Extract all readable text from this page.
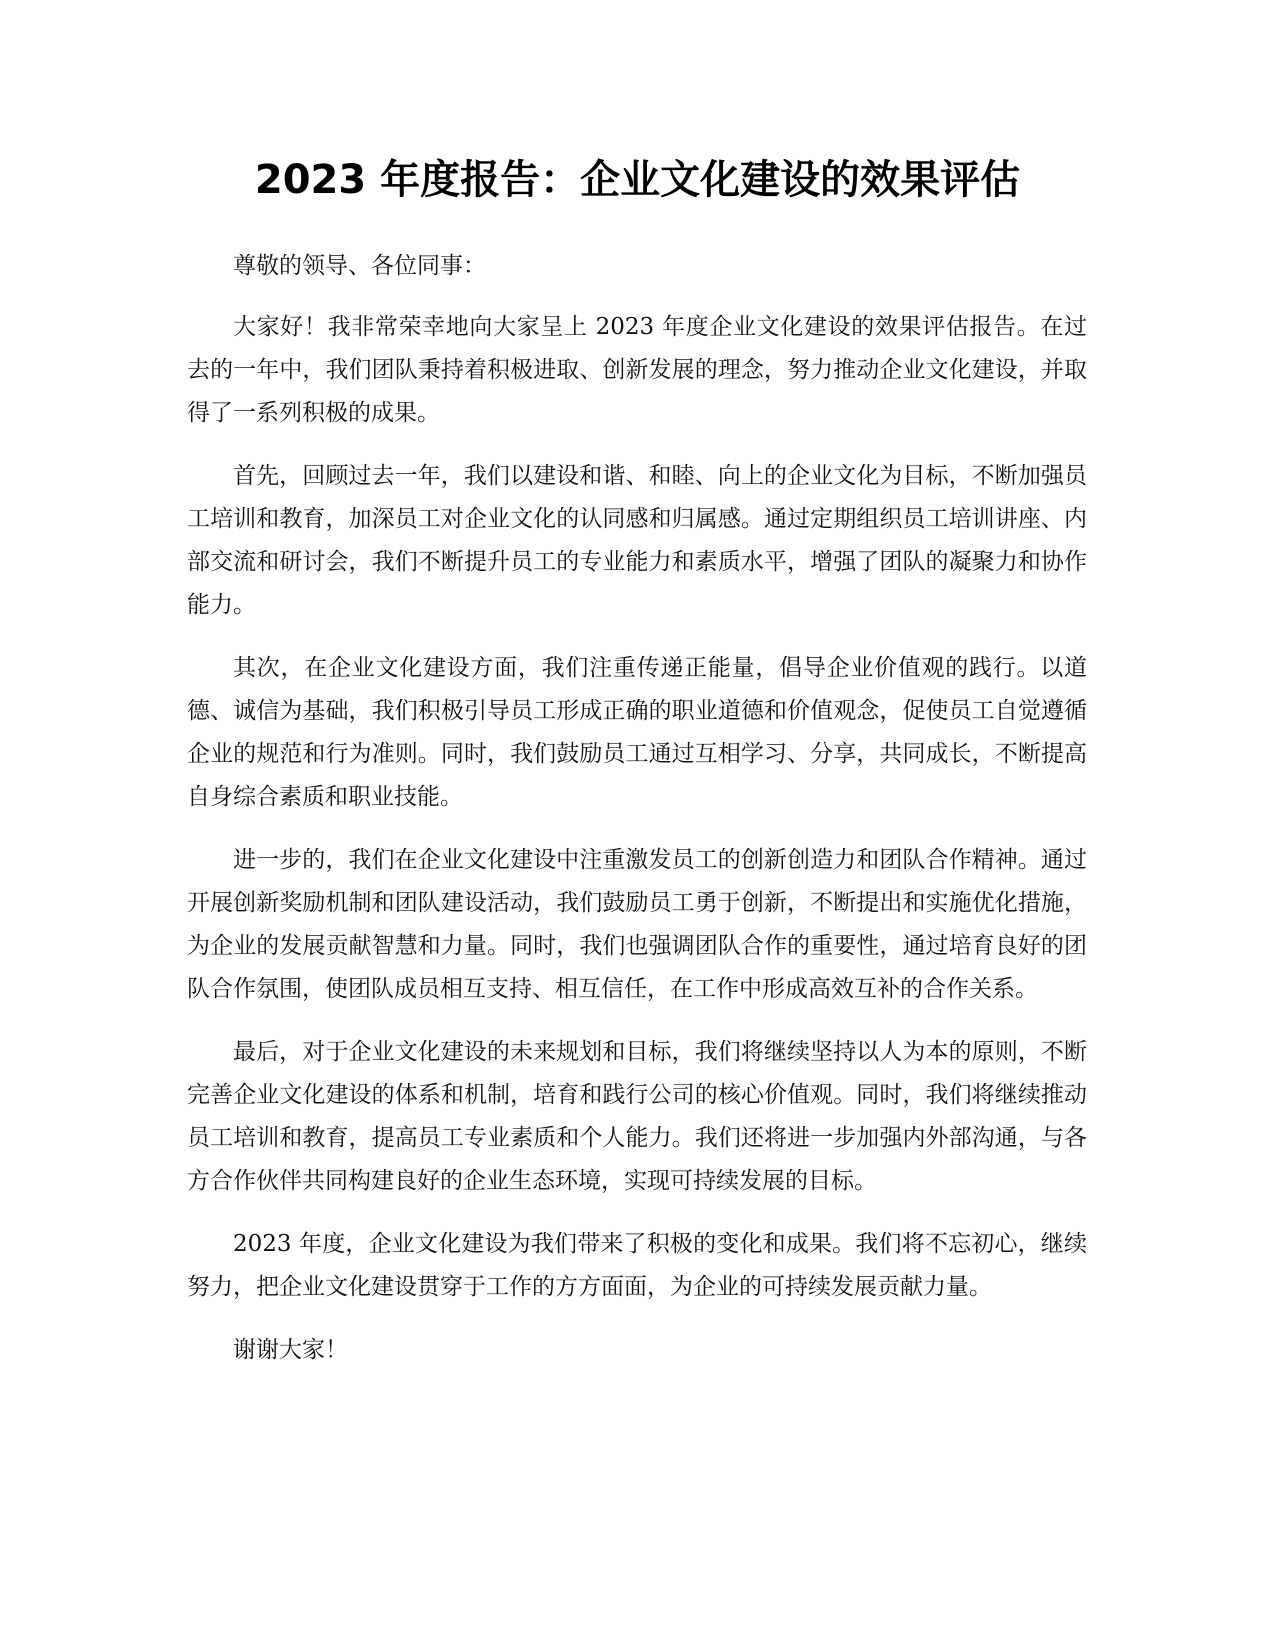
2023 年度报告：企业文化建设的效果评估

尊敬的领导、各位同事：

大家好！我非常荣幸地向大家呈上 2023 年度企业文化建设的效果评估报告。在过去的一年中，我们团队秉持着积极进取、创新发展的理念，努力推动企业文化建设，并取得了一系列积极的成果。

首先，回顾过去一年，我们以建设和谐、和睦、向上的企业文化为目标，不断加强员工培训和教育，加深员工对企业文化的认同感和归属感。通过定期组织员工培训讲座、内部交流和研讨会，我们不断提升员工的专业能力和素质水平，增强了团队的凝聚力和协作能力。

其次，在企业文化建设方面，我们注重传递正能量，倡导企业价值观的践行。以道德、诚信为基础，我们积极引导员工形成正确的职业道德和价值观念，促使员工自觉遵循企业的规范和行为准则。同时，我们鼓励员工通过互相学习、分享，共同成长，不断提高自身综合素质和职业技能。

进一步的，我们在企业文化建设中注重激发员工的创新创造力和团队合作精神。通过开展创新奖励机制和团队建设活动，我们鼓励员工勇于创新，不断提出和实施优化措施，为企业的发展贡献智慧和力量。同时，我们也强调团队合作的重要性，通过培育良好的团队合作氛围，使团队成员相互支持、相互信任，在工作中形成高效互补的合作关系。

最后，对于企业文化建设的未来规划和目标，我们将继续坚持以人为本的原则，不断完善企业文化建设的体系和机制，培育和践行公司的核心价值观。同时，我们将继续推动员工培训和教育，提高员工专业素质和个人能力。我们还将进一步加强内外部沟通，与各方合作伙伴共同构建良好的企业生态环境，实现可持续发展的目标。

2023 年度，企业文化建设为我们带来了积极的变化和成果。我们将不忘初心，继续努力，把企业文化建设贯穿于工作的方方面面，为企业的可持续发展贡献力量。

谢谢大家！
